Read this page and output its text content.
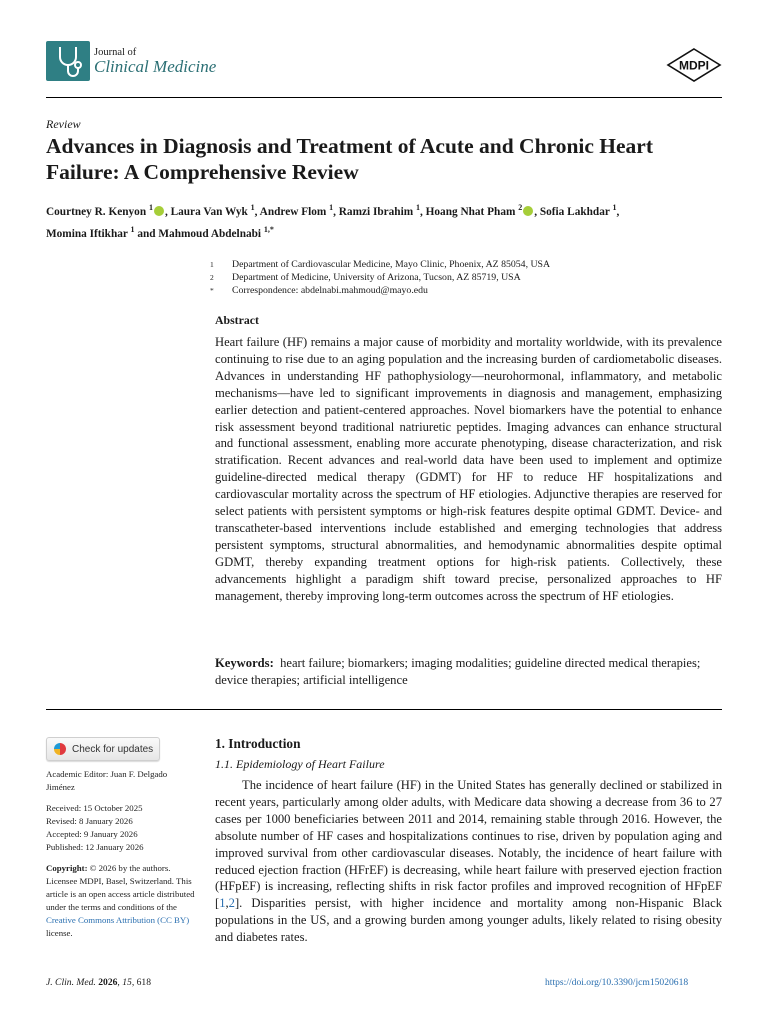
Journal of
Clinical Medicine	MDPI
Review
Advances in Diagnosis and Treatment of Acute and Chronic Heart Failure: A Comprehensive Review
Courtney R. Kenyon $^1$ , Laura Van Wyk $^1$, Andrew Flom $^1$, Ramzi Ibrahim $^1$, Hoang Nhat Pham $^2$ , Sofia Lakhdar $^1$,
Momina Iftikhar $^1$ and Mahmoud Abdelnabi $^{1,*}$
1	Department of Cardiovascular Medicine, Mayo Clinic, Phoenix, AZ 85054, USA
2	Department of Medicine, University of Arizona, Tucson, AZ 85719, USA
*	Correspondence: abdelnabi.mahmoud@mayo.edu
Abstract

Heart failure (HF) remains a major cause of morbidity and mortality worldwide, with its prevalence continuing to rise due to an aging population and the increasing burden of cardiometabolic diseases. Advances in understanding HF pathophysiology—neurohormonal, inflammatory, and metabolic mechanisms—have led to significant improvements in diagnosis and management, emphasizing earlier detection and patient-centered approaches. Novel biomarkers have the potential to enhance risk assessment beyond traditional natriuretic peptides. Imaging advances can enhance structural and functional assessment, enabling more accurate phenotyping, disease characterization, and risk stratification. Recent advances and real-world data have been used to implement and optimize guideline-directed medical therapy (GDMT) for HF to reduce HF hospitalizations and cardiovascular mortality across the spectrum of HF etiologies. Adjunctive therapies are reserved for select patients with persistent symptoms or high-risk features despite optimal GDMT. Device- and transcatheter-based interventions include established and emerging technologies that address persistent symptoms, structural abnormalities, and hemodynamic abnormalities despite optimal GDMT, thereby expanding treatment options for high-risk patients. Collectively, these advancements highlight a paradigm shift toward precise, personalized approaches to HF management, thereby improving long-term outcomes across the spectrum of HF etiologies.

Keywords: heart failure; biomarkers; imaging modalities; guideline directed medical therapies; device therapies; artificial intelligence

Check for updates

Academic Editor: Juan F. Delgado Jiménez

Received: 15 October 2025

Revised: 8 January 2026

Accepted: 9 January 2026

Published: 12 January 2026

Copyright: © 2026 by the authors. Licensee MDPI, Basel, Switzerland. This article is an open access article distributed under the terms and conditions of the Creative Commons Attribution (CC BY) license.

1. Introduction
1.1. Epidemiology of Heart Failure

The incidence of heart failure (HF) in the United States has generally declined or stabilized in recent years, particularly among older adults, with Medicare data showing a decrease from 36 to 27 cases per 1000 beneficiaries between 2011 and 2014, remaining stable through 2016. However, the absolute number of HF cases and hospitalizations continues to rise, driven by population aging and improved survival from other cardiovascular diseases. Notably, the incidence of heart failure with reduced ejection fraction (HFrEF) is decreasing, while heart failure with preserved ejection fraction (HFpEF) is increasing, reflecting shifts in risk factor profiles and improved recognition of HFpEF [1,2]. Disparities persist, with higher incidence and mortality among non-Hispanic Black populations in the US, and a growing burden among younger adults, likely related to rising obesity and diabetes rates.

J. Clin. Med. 2026, 15, 618	https://doi.org/10.3390/jcm15020618
